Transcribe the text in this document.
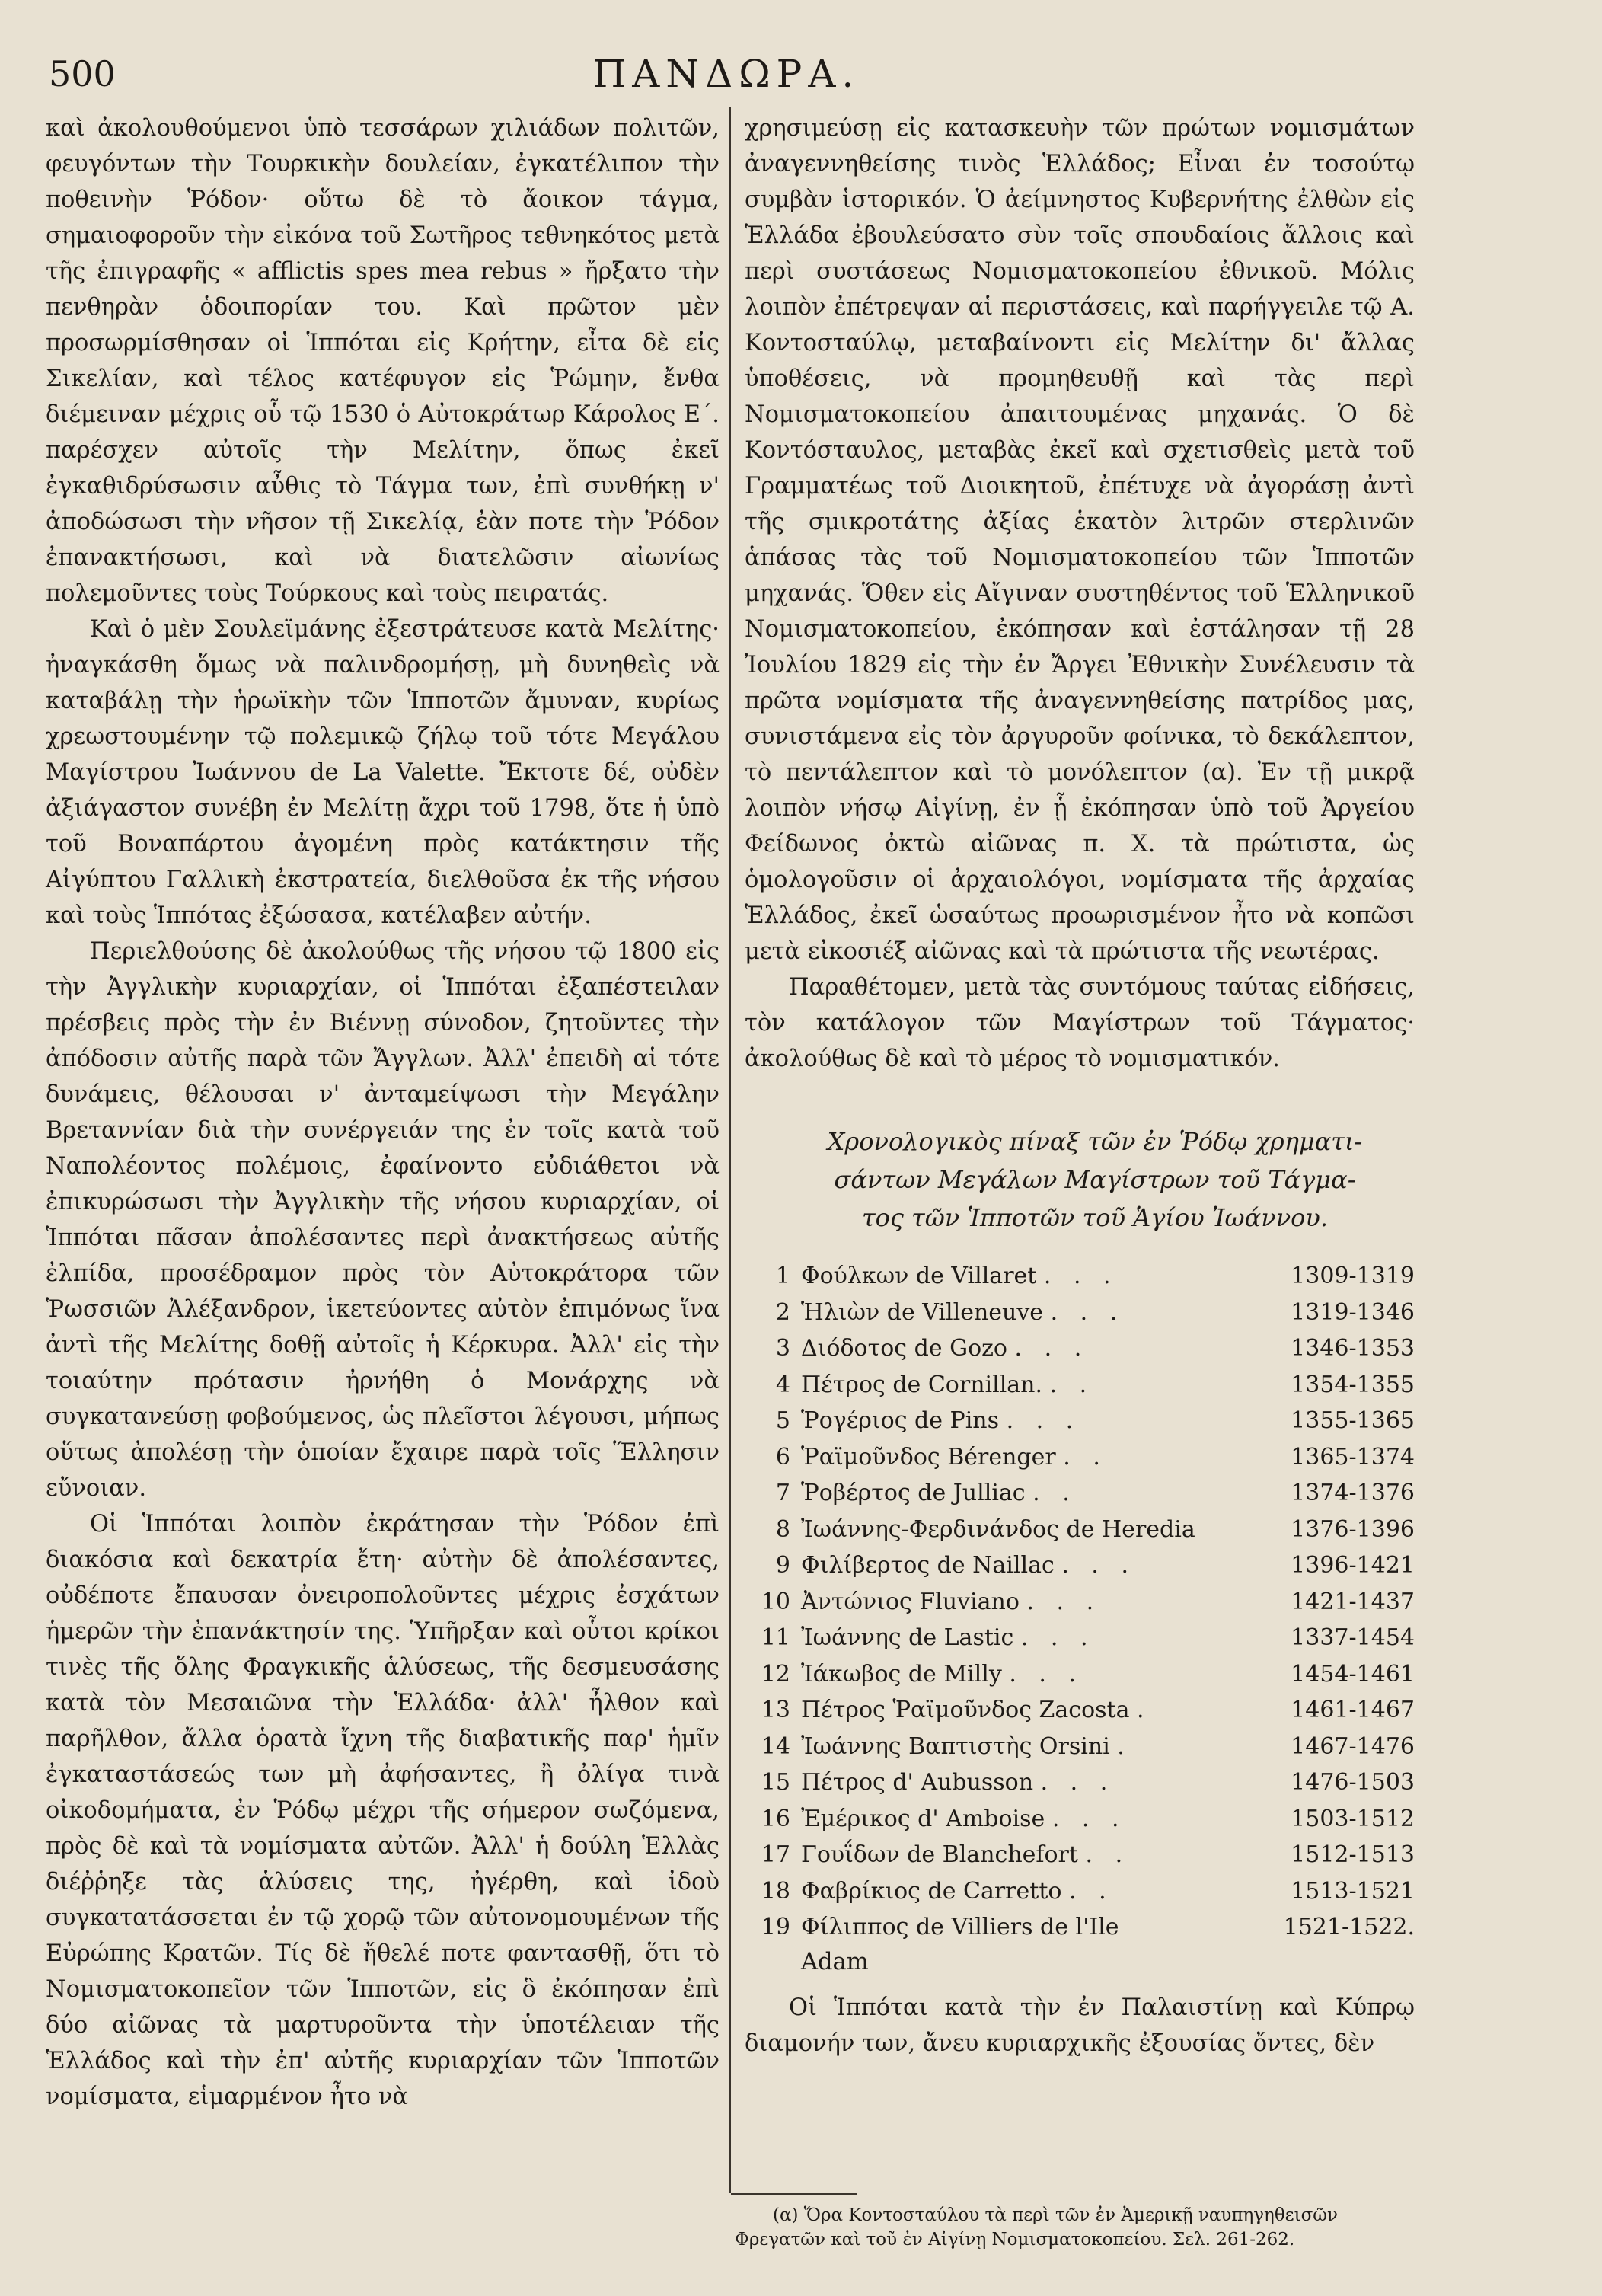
500	ΠΑΝΔΩΡΑ.

καὶ ἀκολουθούμενοι ὑπὸ τεσσάρων χιλιάδων πολιτῶν, φευγόντων τὴν Τουρκικὴν δουλείαν, ἐγκατέλιπον τὴν ποθεινὴν Ῥόδον· οὕτω δὲ τὸ ἄοικον τάγμα, σημαιοφοροῦν τὴν εἰκόνα τοῦ Σωτῆρος τεθνηκότος μετὰ τῆς ἐπιγραφῆς « afflictis spes mea rebus » ἤρξατο τὴν πενθηρὰν ὁδοιπορίαν του. Καὶ πρῶτον μὲν προσωρμίσθησαν οἱ Ἱππόται εἰς Κρήτην, εἶτα δὲ εἰς Σικελίαν, καὶ τέλος κατέφυγον εἰς Ῥώμην, ἔνθα διέμειναν μέχρις οὗ τῷ 1530 ὁ Αὐτοκράτωρ Κάρολος Ε΄. παρέσχεν αὐτοῖς τὴν Μελίτην, ὅπως ἐκεῖ ἐγκαθιδρύσωσιν αὖθις τὸ Τάγμα των, ἐπὶ συνθήκῃ ν' ἀποδώσωσι τὴν νῆσον τῇ Σικελίᾳ, ἐὰν ποτε τὴν Ῥόδον ἐπανακτήσωσι, καὶ νὰ διατελῶσιν αἰωνίως πολεμοῦντες τοὺς Τούρκους καὶ τοὺς πειρατάς.

Καὶ ὁ μὲν Σουλεϊμάνης ἐξεστράτευσε κατὰ Μελίτης· ἠναγκάσθη ὅμως νὰ παλινδρομήσῃ, μὴ δυνηθεὶς νὰ καταβάλῃ τὴν ἡρωϊκὴν τῶν Ἱπποτῶν ἄμυναν, κυρίως χρεωστουμένην τῷ πολεμικῷ ζήλῳ τοῦ τότε Μεγάλου Μαγίστρου Ἰωάννου de La Valette. Ἔκτοτε δέ, οὐδὲν ἀξιάγαστον συνέβη ἐν Μελίτῃ ἄχρι τοῦ 1798, ὅτε ἡ ὑπὸ τοῦ Βοναπάρτου ἀγομένη πρὸς κατάκτησιν τῆς Αἰγύπτου Γαλλικὴ ἐκστρατεία, διελθοῦσα ἐκ τῆς νήσου καὶ τοὺς Ἱππότας ἐξώσασα, κατέλαβεν αὐτήν.

Περιελθούσης δὲ ἀκολούθως τῆς νήσου τῷ 1800 εἰς τὴν Ἀγγλικὴν κυριαρχίαν, οἱ Ἱππόται ἐξαπέστειλαν πρέσβεις πρὸς τὴν ἐν Βιέννῃ σύνοδον, ζητοῦντες τὴν ἀπόδοσιν αὐτῆς παρὰ τῶν Ἄγγλων. Ἀλλ' ἐπειδὴ αἱ τότε δυνάμεις, θέλουσαι ν' ἀνταμείψωσι τὴν Μεγάλην Βρεταννίαν διὰ τὴν συνέργειάν της ἐν τοῖς κατὰ τοῦ Ναπολέοντος πολέμοις, ἐφαίνοντο εὐδιάθετοι νὰ ἐπικυρώσωσι τὴν Ἀγγλικὴν τῆς νήσου κυριαρχίαν, οἱ Ἱππόται πᾶσαν ἀπολέσαντες περὶ ἀνακτήσεως αὐτῆς ἐλπίδα, προσέδραμον πρὸς τὸν Αὐτοκράτορα τῶν Ῥωσσιῶν Ἀλέξανδρον, ἱκετεύοντες αὐτὸν ἐπιμόνως ἵνα ἀντὶ τῆς Μελίτης δοθῇ αὐτοῖς ἡ Κέρκυρα. Ἀλλ' εἰς τὴν τοιαύτην πρότασιν ἠρνήθη ὁ Μονάρχης νὰ συγκατανεύσῃ φοβούμενος, ὡς πλεῖστοι λέγουσι, μήπως οὕτως ἀπολέσῃ τὴν ὁποίαν ἔχαιρε παρὰ τοῖς Ἕλλησιν εὔνοιαν.

Οἱ Ἱππόται λοιπὸν ἐκράτησαν τὴν Ῥόδον ἐπὶ διακόσια καὶ δεκατρία ἔτη· αὐτὴν δὲ ἀπολέσαντες, οὐδέποτε ἔπαυσαν ὀνειροπολοῦντες μέχρις ἐσχάτων ἡμερῶν τὴν ἐπανάκτησίν της. Ὑπῆρξαν καὶ οὗτοι κρίκοι τινὲς τῆς ὅλης Φραγκικῆς ἁλύσεως, τῆς δεσμευσάσης κατὰ τὸν Μεσαιῶνα τὴν Ἑλλάδα· ἀλλ' ἦλθον καὶ παρῆλθον, ἄλλα ὁρατὰ ἴχνη τῆς διαβατικῆς παρ' ἡμῖν ἐγκαταστάσεώς των μὴ ἀφήσαντες, ἢ ὀλίγα τινὰ οἰκοδομήματα, ἐν Ῥόδῳ μέχρι τῆς σήμερον σωζόμενα, πρὸς δὲ καὶ τὰ νομίσματα αὐτῶν. Ἀλλ' ἡ δούλη Ἑλλὰς διέῤῥηξε τὰς ἁλύσεις της, ἠγέρθη, καὶ ἰδοὺ συγκατατάσσεται ἐν τῷ χορῷ τῶν αὐτονομουμένων τῆς Εὐρώπης Κρατῶν. Τίς δὲ ἤθελέ ποτε φαντασθῇ, ὅτι τὸ Νομισματοκοπεῖον τῶν Ἱπποτῶν, εἰς ὃ ἐκόπησαν ἐπὶ δύο αἰῶνας τὰ μαρτυροῦντα τὴν ὑποτέλειαν τῆς Ἑλλάδος καὶ τὴν ἐπ' αὐτῆς κυριαρχίαν τῶν Ἱπποτῶν νομίσματα, εἱμαρμένον ἦτο νὰ

χρησιμεύσῃ εἰς κατασκευὴν τῶν πρώτων νομισμάτων ἀναγεννηθείσης τινὸς Ἑλλάδος; Εἶναι ἐν τοσούτῳ συμβὰν ἱστορικόν. Ὁ ἀείμνηστος Κυβερνήτης ἐλθὼν εἰς Ἑλλάδα ἐβουλεύσατο σὺν τοῖς σπουδαίοις ἄλλοις καὶ περὶ συστάσεως Νομισματοκοπείου ἐθνικοῦ. Μόλις λοιπὸν ἐπέτρεψαν αἱ περιστάσεις, καὶ παρήγγειλε τῷ Α. Κοντοσταύλῳ, μεταβαίνοντι εἰς Μελίτην δι' ἄλλας ὑποθέσεις, νὰ προμηθευθῇ καὶ τὰς περὶ Νομισματοκοπείου ἀπαιτουμένας μηχανάς. Ὁ δὲ Κοντόσταυλος, μεταβὰς ἐκεῖ καὶ σχετισθεὶς μετὰ τοῦ Γραμματέως τοῦ Διοικητοῦ, ἐπέτυχε νὰ ἀγοράσῃ ἀντὶ τῆς σμικροτάτης ἀξίας ἑκατὸν λιτρῶν στερλινῶν ἁπάσας τὰς τοῦ Νομισματοκοπείου τῶν Ἱπποτῶν μηχανάς. Ὅθεν εἰς Αἴγιναν συστηθέντος τοῦ Ἑλληνικοῦ Νομισματοκοπείου, ἐκόπησαν καὶ ἐστάλησαν τῇ 28 Ἰουλίου 1829 εἰς τὴν ἐν Ἄργει Ἐθνικὴν Συνέλευσιν τὰ πρῶτα νομίσματα τῆς ἀναγεννηθείσης πατρίδος μας, συνιστάμενα εἰς τὸν ἀργυροῦν φοίνικα, τὸ δεκάλεπτον, τὸ πεντάλεπτον καὶ τὸ μονόλεπτον (α). Ἐν τῇ μικρᾷ λοιπὸν νήσῳ Αἰγίνῃ, ἐν ᾗ ἐκόπησαν ὑπὸ τοῦ Ἀργείου Φείδωνος ὀκτὼ αἰῶνας π. Χ. τὰ πρώτιστα, ὡς ὁμολογοῦσιν οἱ ἀρχαιολόγοι, νομίσματα τῆς ἀρχαίας Ἑλλάδος, ἐκεῖ ὡσαύτως προωρισμένον ἦτο νὰ κοπῶσι μετὰ εἰκοσιέξ αἰῶνας καὶ τὰ πρώτιστα τῆς νεωτέρας.

Παραθέτομεν, μετὰ τὰς συντόμους ταύτας εἰδήσεις, τὸν κατάλογον τῶν Μαγίστρων τοῦ Τάγματος· ἀκολούθως δὲ καὶ τὸ μέρος τὸ νομισματικόν.

Χρονολογικὸς πίναξ τῶν ἐν Ῥόδῳ χρηματι-
σάντων Μεγάλων Μαγίστρων τοῦ Τάγμα-
τος τῶν Ἱπποτῶν τοῦ Ἁγίου Ἰωάννου.
1 Φούλκων de Villaret . . .	1309-1319
2 Ἡλιὼν de Villeneuve . . .	1319-1346
3 Διόδοτος de Gozo . . .	1346-1353
4 Πέτρος de Cornillan. . .	1354-1355
5 Ῥογέριος de Pins . . .	1355-1365
6 Ῥαϊμοῦνδος Bérenger . .	1365-1374
7 Ῥοβέρτος de Julliac . .	1374-1376
8 Ἰωάννης-Φερδινάνδος de Heredia	1376-1396
9 Φιλίβερτος de Naillac . . .	1396-1421
10 Ἀντώνιος Fluviano . . .	1421-1437
11 Ἰωάννης de Lastic . . .	1337-1454
12 Ἰάκωβος de Milly . . .	1454-1461
13 Πέτρος Ῥαϊμοῦνδος Zacosta .	1461-1467
14 Ἰωάννης Βαπτιστὴς Orsini .	1467-1476
15 Πέτρος d' Aubusson . . .	1476-1503
16 Ἐμέρικος d' Amboise . . .	1503-1512
17 Γουΐδων de Blanchefort . .	1512-1513
18 Φαβρίκιος de Carretto . .	1513-1521
19 Φίλιππος de Villiers de l'Ile	1521-1522.
Adam

Οἱ Ἱππόται κατὰ τὴν ἐν Παλαιστίνῃ καὶ Κύπρῳ διαμονήν των, ἄνευ κυριαρχικῆς ἐξουσίας ὄντες, δὲν

(α) Ὅρα Κοντοσταύλου τὰ περὶ τῶν ἐν Ἀμερικῇ ναυπηγηθεισῶν Φρεγατῶν καὶ τοῦ ἐν Αἰγίνῃ Νομισματοκοπείου. Σελ. 261-262.
